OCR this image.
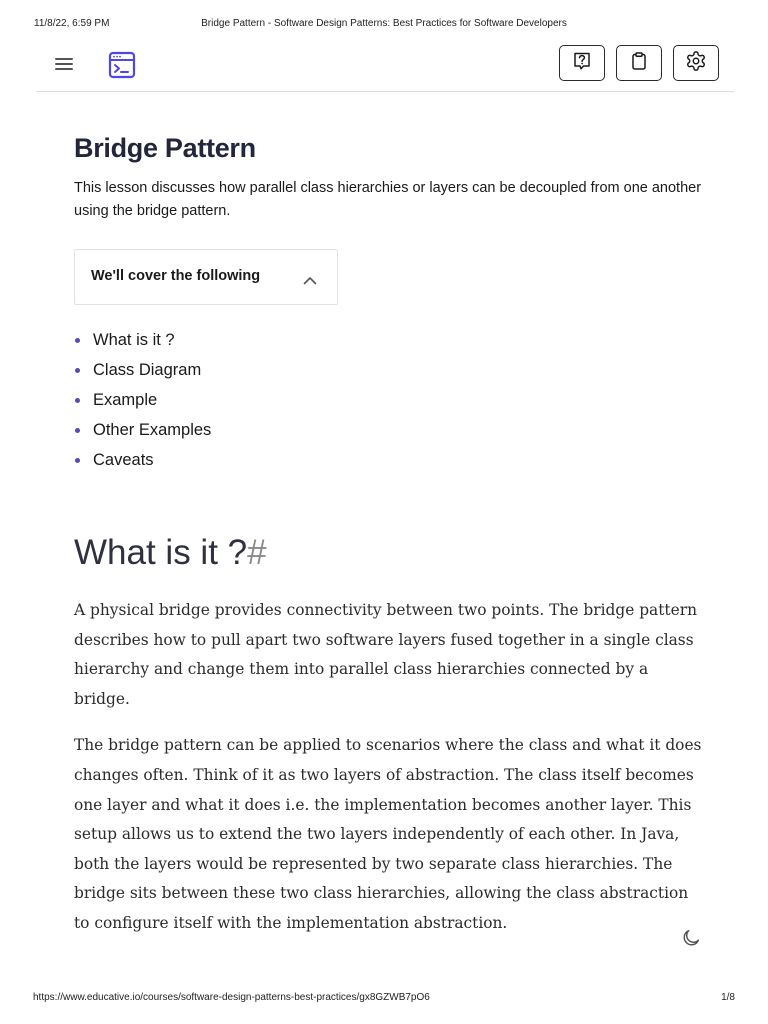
11/8/22, 6:59 PM	Bridge Pattern - Software Design Patterns: Best Practices for Software Developers
Bridge Pattern

This lesson discusses how parallel class hierarchies or layers can be decoupled from one another using the bridge pattern.

We'll cover the following
What is it ?
Class Diagram
Example
Other Examples
Caveats
What is it ?#

A physical bridge provides connectivity between two points. The bridge pattern describes how to pull apart two software layers fused together in a single class hierarchy and change them into parallel class hierarchies connected by a bridge.

The bridge pattern can be applied to scenarios where the class and what it does changes often. Think of it as two layers of abstraction. The class itself becomes one layer and what it does i.e. the implementation becomes another layer. This setup allows us to extend the two layers independently of each other. In Java, both the layers would be represented by two separate class hierarchies. The bridge sits between these two class hierarchies, allowing the class abstraction to configure itself with the implementation abstraction.

https://www.educative.io/courses/software-design-patterns-best-practices/gx8GZWB7pO6	1/8
